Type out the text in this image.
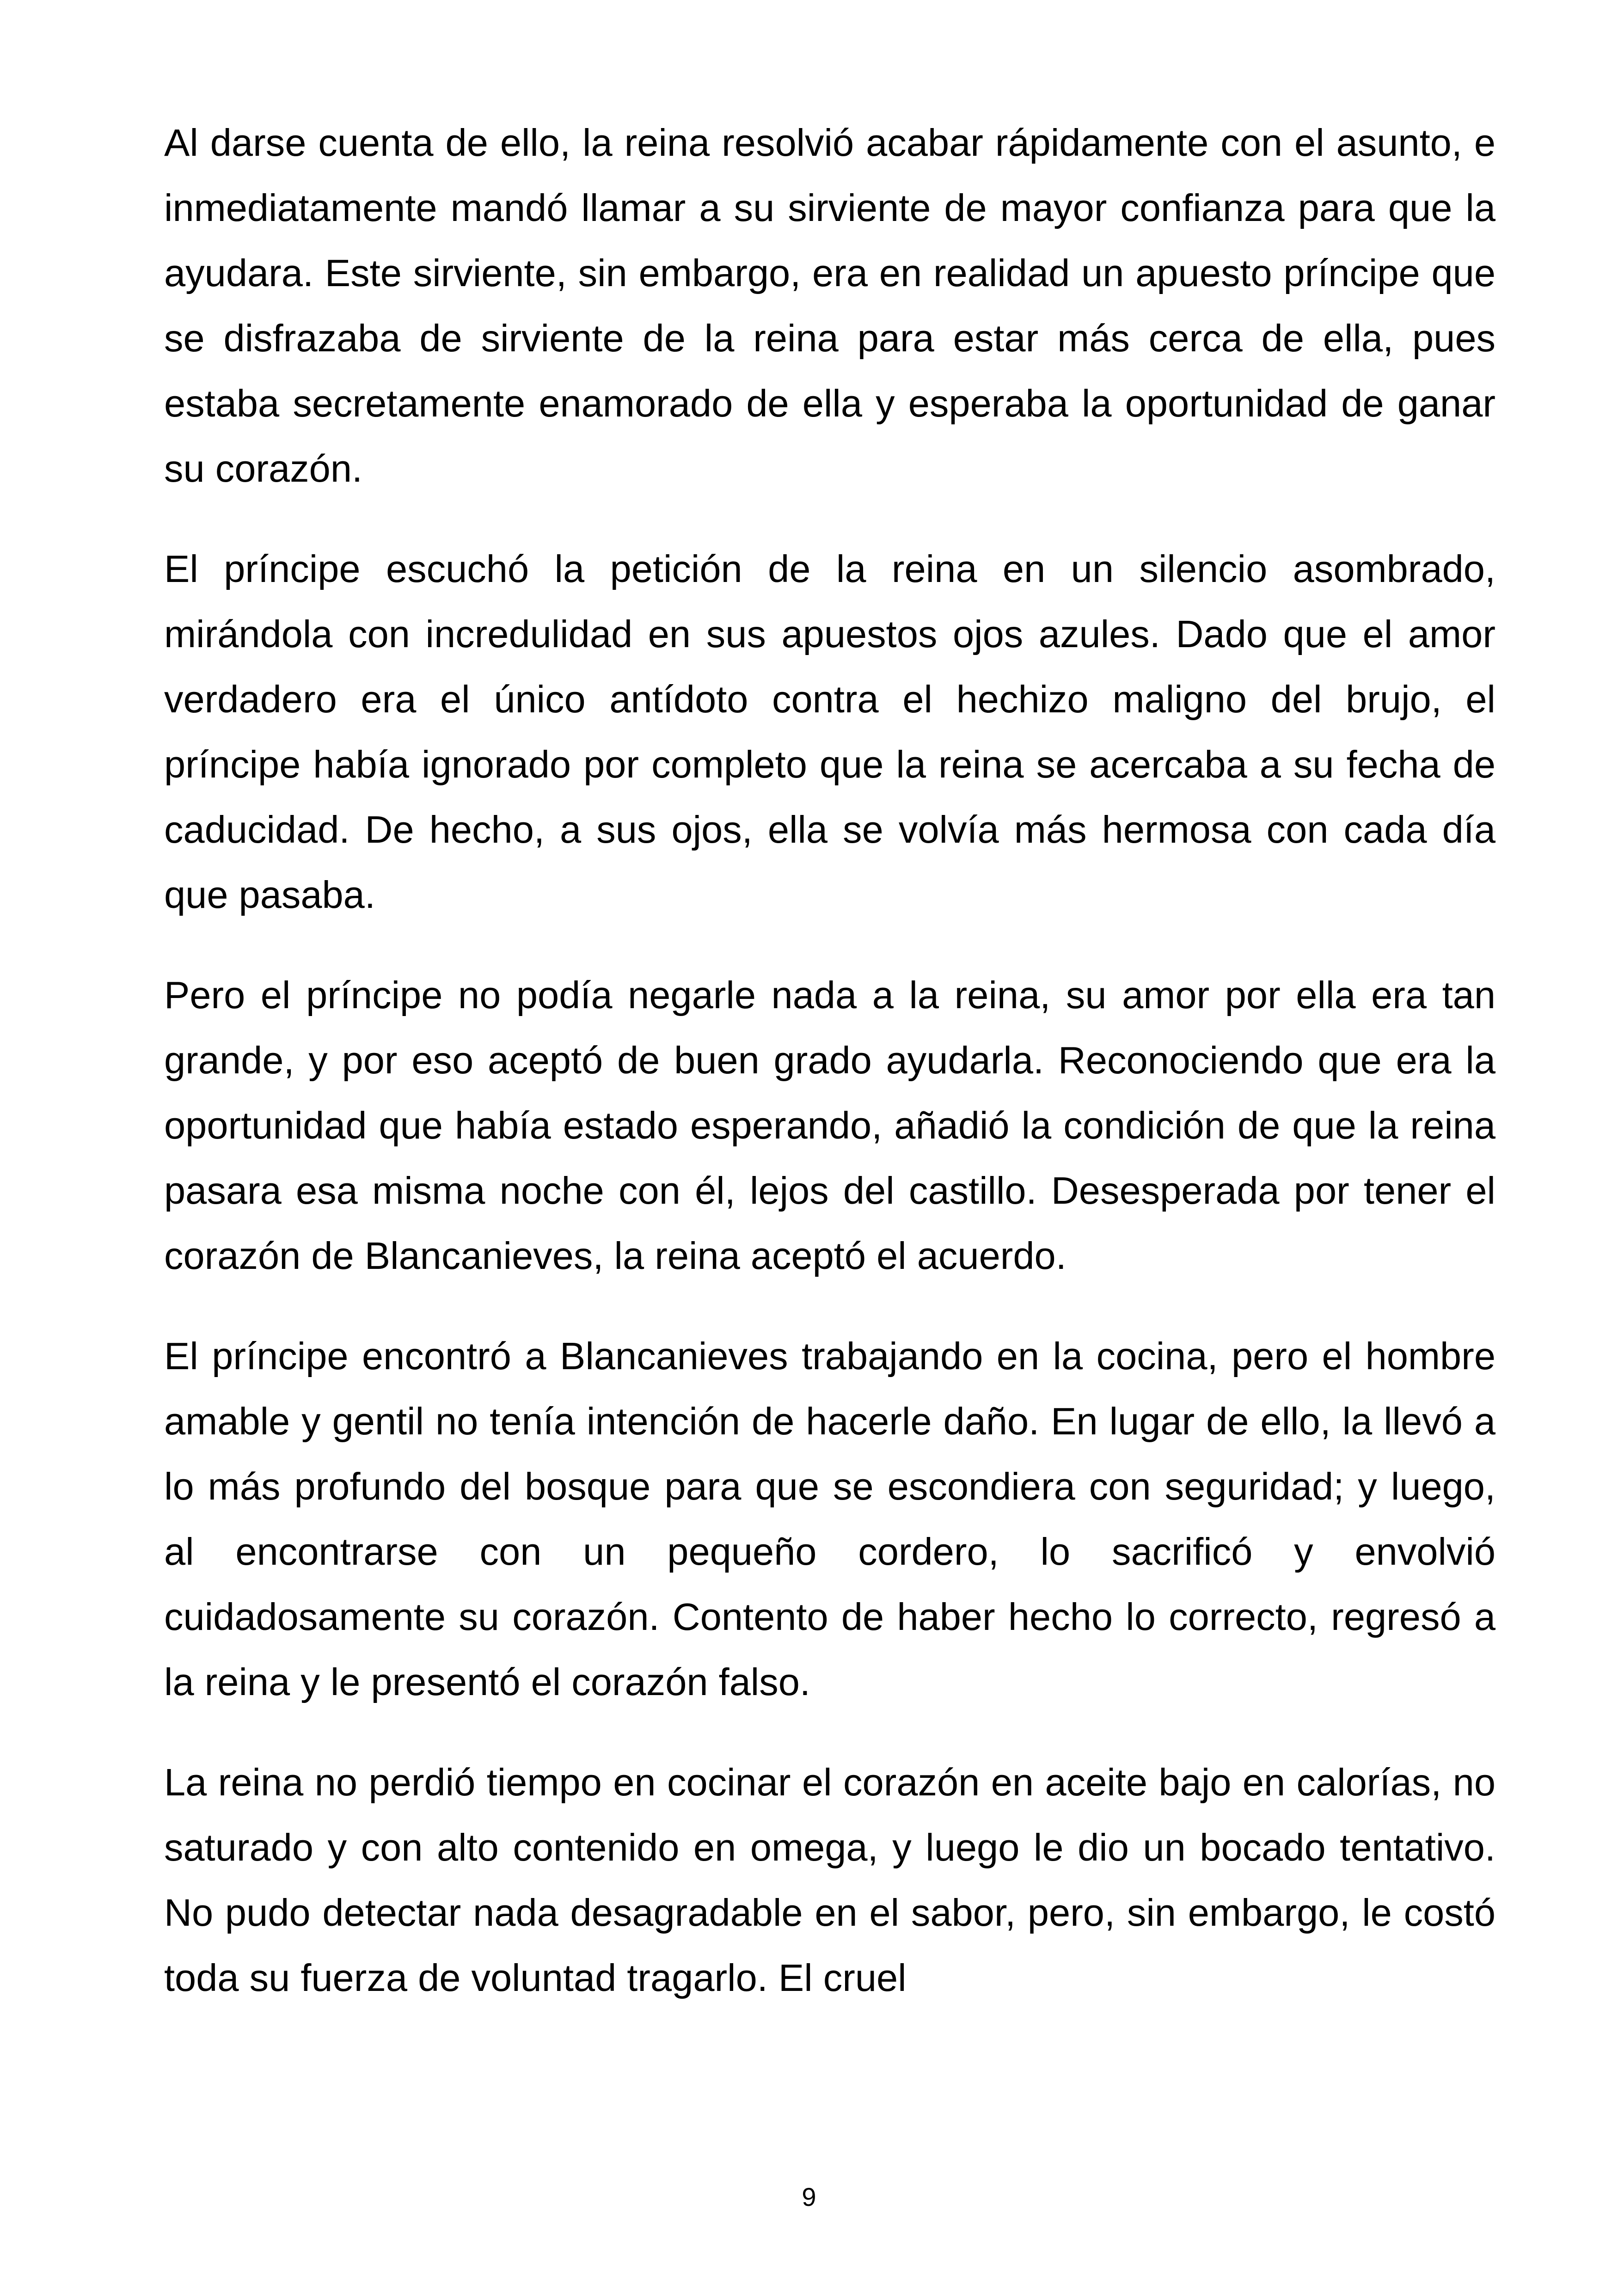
Al darse cuenta de ello, la reina resolvió acabar rápidamente con el asunto, e inmediatamente mandó llamar a su sirviente de mayor confianza para que la ayudara. Este sirviente, sin embargo, era en realidad un apuesto príncipe que se disfrazaba de sirviente de la reina para estar más cerca de ella, pues estaba secretamente enamorado de ella y esperaba la oportunidad de ganar su corazón.

El príncipe escuchó la petición de la reina en un silencio asombrado, mirándola con incredulidad en sus apuestos ojos azules. Dado que el amor verdadero era el único antídoto contra el hechizo maligno del brujo, el príncipe había ignorado por completo que la reina se acercaba a su fecha de caducidad. De hecho, a sus ojos, ella se volvía más hermosa con cada día que pasaba.

Pero el príncipe no podía negarle nada a la reina, su amor por ella era tan grande, y por eso aceptó de buen grado ayudarla. Reconociendo que era la oportunidad que había estado esperando, añadió la condición de que la reina pasara esa misma noche con él, lejos del castillo. Desesperada por tener el corazón de Blancanieves, la reina aceptó el acuerdo.

El príncipe encontró a Blancanieves trabajando en la cocina, pero el hombre amable y gentil no tenía intención de hacerle daño. En lugar de ello, la llevó a lo más profundo del bosque para que se escondiera con seguridad; y luego, al encontrarse con un pequeño cordero, lo sacrificó y envolvió cuidadosamente su corazón. Contento de haber hecho lo correcto, regresó a la reina y le presentó el corazón falso.

La reina no perdió tiempo en cocinar el corazón en aceite bajo en calorías, no saturado y con alto contenido en omega, y luego le dio un bocado tentativo. No pudo detectar nada desagradable en el sabor, pero, sin embargo, le costó toda su fuerza de voluntad tragarlo. El cruel

9
